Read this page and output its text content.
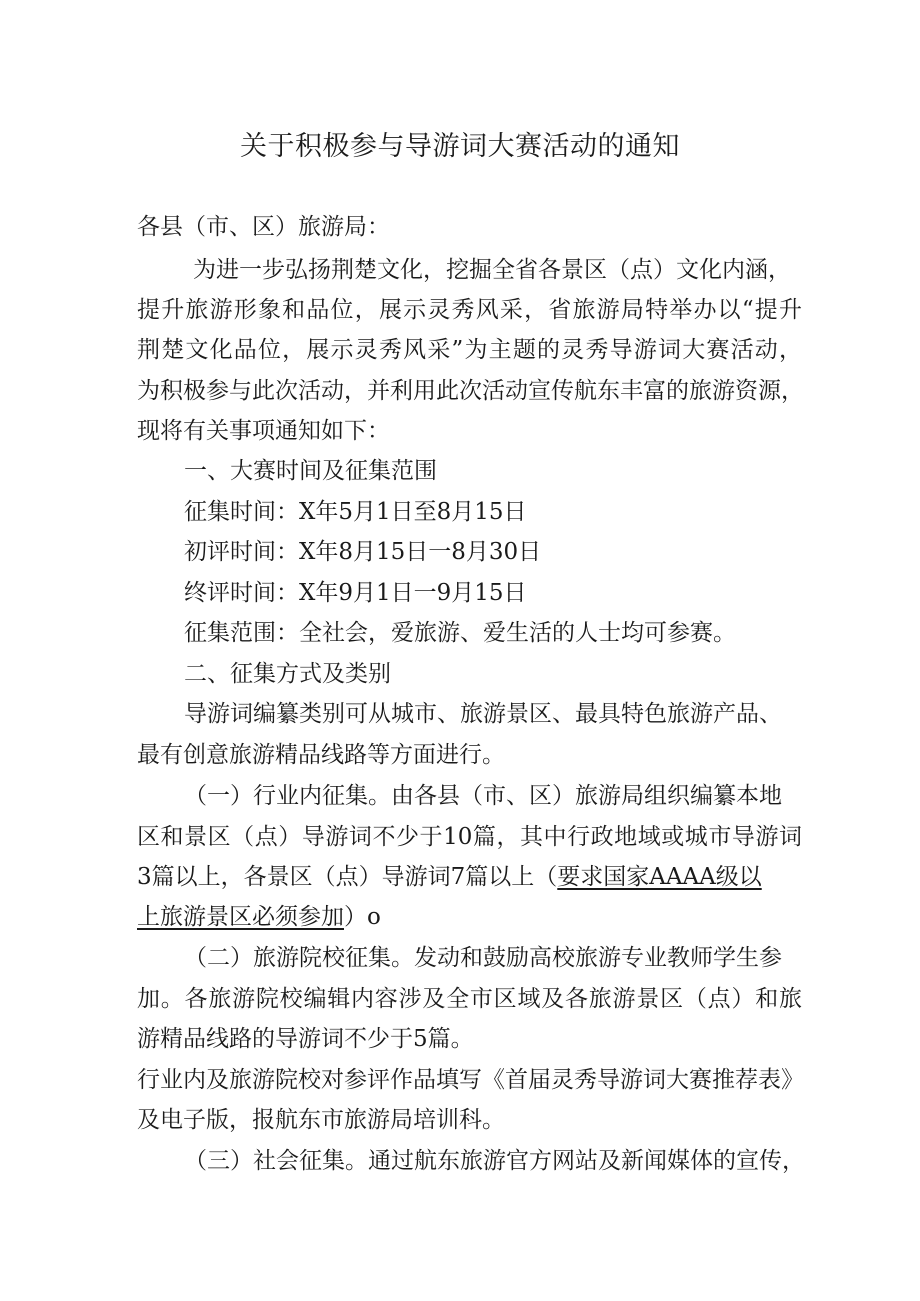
关于积极参与导游词大赛活动的通知

各县（市、区）旅游局：

为进一步弘扬荆楚文化，挖掘全省各景区（点）文化内涵，

提升旅游形象和品位，展示灵秀风采，省旅游局特举办以“提升

荆楚文化品位，展示灵秀风采”为主题的灵秀导游词大赛活动，

为积极参与此次活动，并利用此次活动宣传航东丰富的旅游资源，

现将有关事项通知如下：

一、大赛时间及征集范围

征集时间：X年5月1日至8月15日

初评时间：X年8月15日一8月30日

终评时间：X年9月1日一9月15日

征集范围：全社会，爱旅游、爱生活的人士均可参赛。

二、征集方式及类别

导游词编纂类别可从城市、旅游景区、最具特色旅游产品、

最有创意旅游精品线路等方面进行。

（一）行业内征集。由各县（市、区）旅游局组织编纂本地

区和景区（点）导游词不少于10篇，其中行政地域或城市导游词

3篇以上，各景区（点）导游词7篇以上（要求国家AAAA级以

上旅游景区必须参加）o

（二）旅游院校征集。发动和鼓励高校旅游专业教师学生参

加。各旅游院校编辑内容涉及全市区域及各旅游景区（点）和旅

游精品线路的导游词不少于5篇。

行业内及旅游院校对参评作品填写《首届灵秀导游词大赛推荐表》

及电子版，报航东市旅游局培训科。

（三）社会征集。通过航东旅游官方网站及新闻媒体的宣传，
